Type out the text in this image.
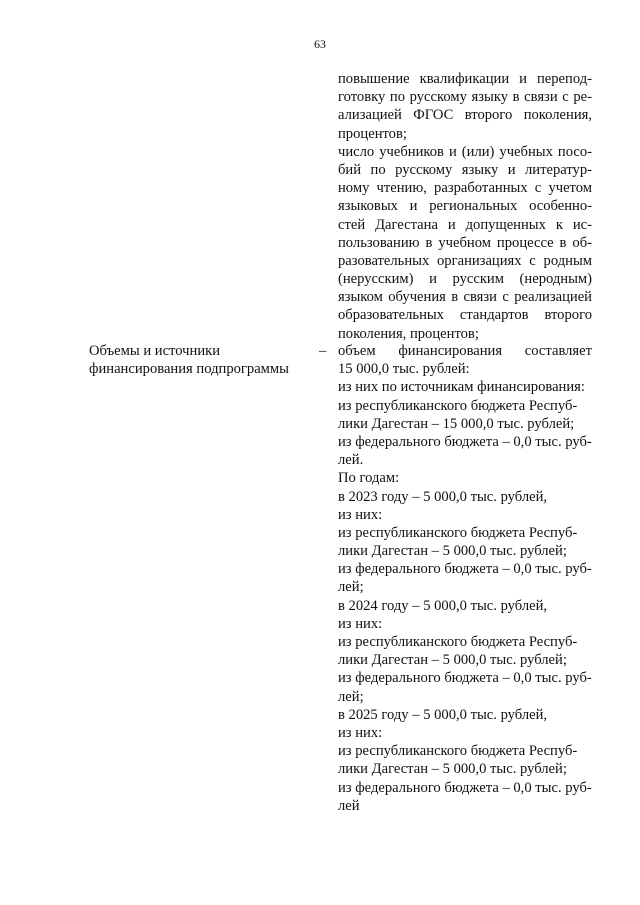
63
повышение квалификации и перепод-
готовку по русскому языку в связи с ре-
ализацией ФГОС второго поколения,
процентов;
число учебников и (или) учебных посо-
бий по русскому языку и литератур-
ному чтению, разработанных с учетом
языковых и региональных особенно-
стей Дагестана и допущенных к ис-
пользованию в учебном процессе в об-
разовательных организациях с родным
(нерусским) и русским (неродным)
языком обучения в связи с реализацией
образовательных стандартов второго
поколения, процентов;
Объемы и источники
финансирования подпрограммы
– объем финансирования составляет
15 000,0 тыс. рублей:
из них по источникам финансирования:
из республиканского бюджета Респуб-
лики Дагестан – 15 000,0 тыс. рублей;
из федерального бюджета – 0,0 тыс. руб-
лей.
По годам:
в 2023 году – 5 000,0 тыс. рублей,
из них:
из республиканского бюджета Респуб-
лики Дагестан – 5 000,0 тыс. рублей;
из федерального бюджета – 0,0 тыс. руб-
лей;
в 2024 году – 5 000,0 тыс. рублей,
из них:
из республиканского бюджета Респуб-
лики Дагестан – 5 000,0 тыс. рублей;
из федерального бюджета – 0,0 тыс. руб-
лей;
в 2025 году – 5 000,0 тыс. рублей,
из них:
из республиканского бюджета Респуб-
лики Дагестан – 5 000,0 тыс. рублей;
из федерального бюджета – 0,0 тыс. руб-
лей
